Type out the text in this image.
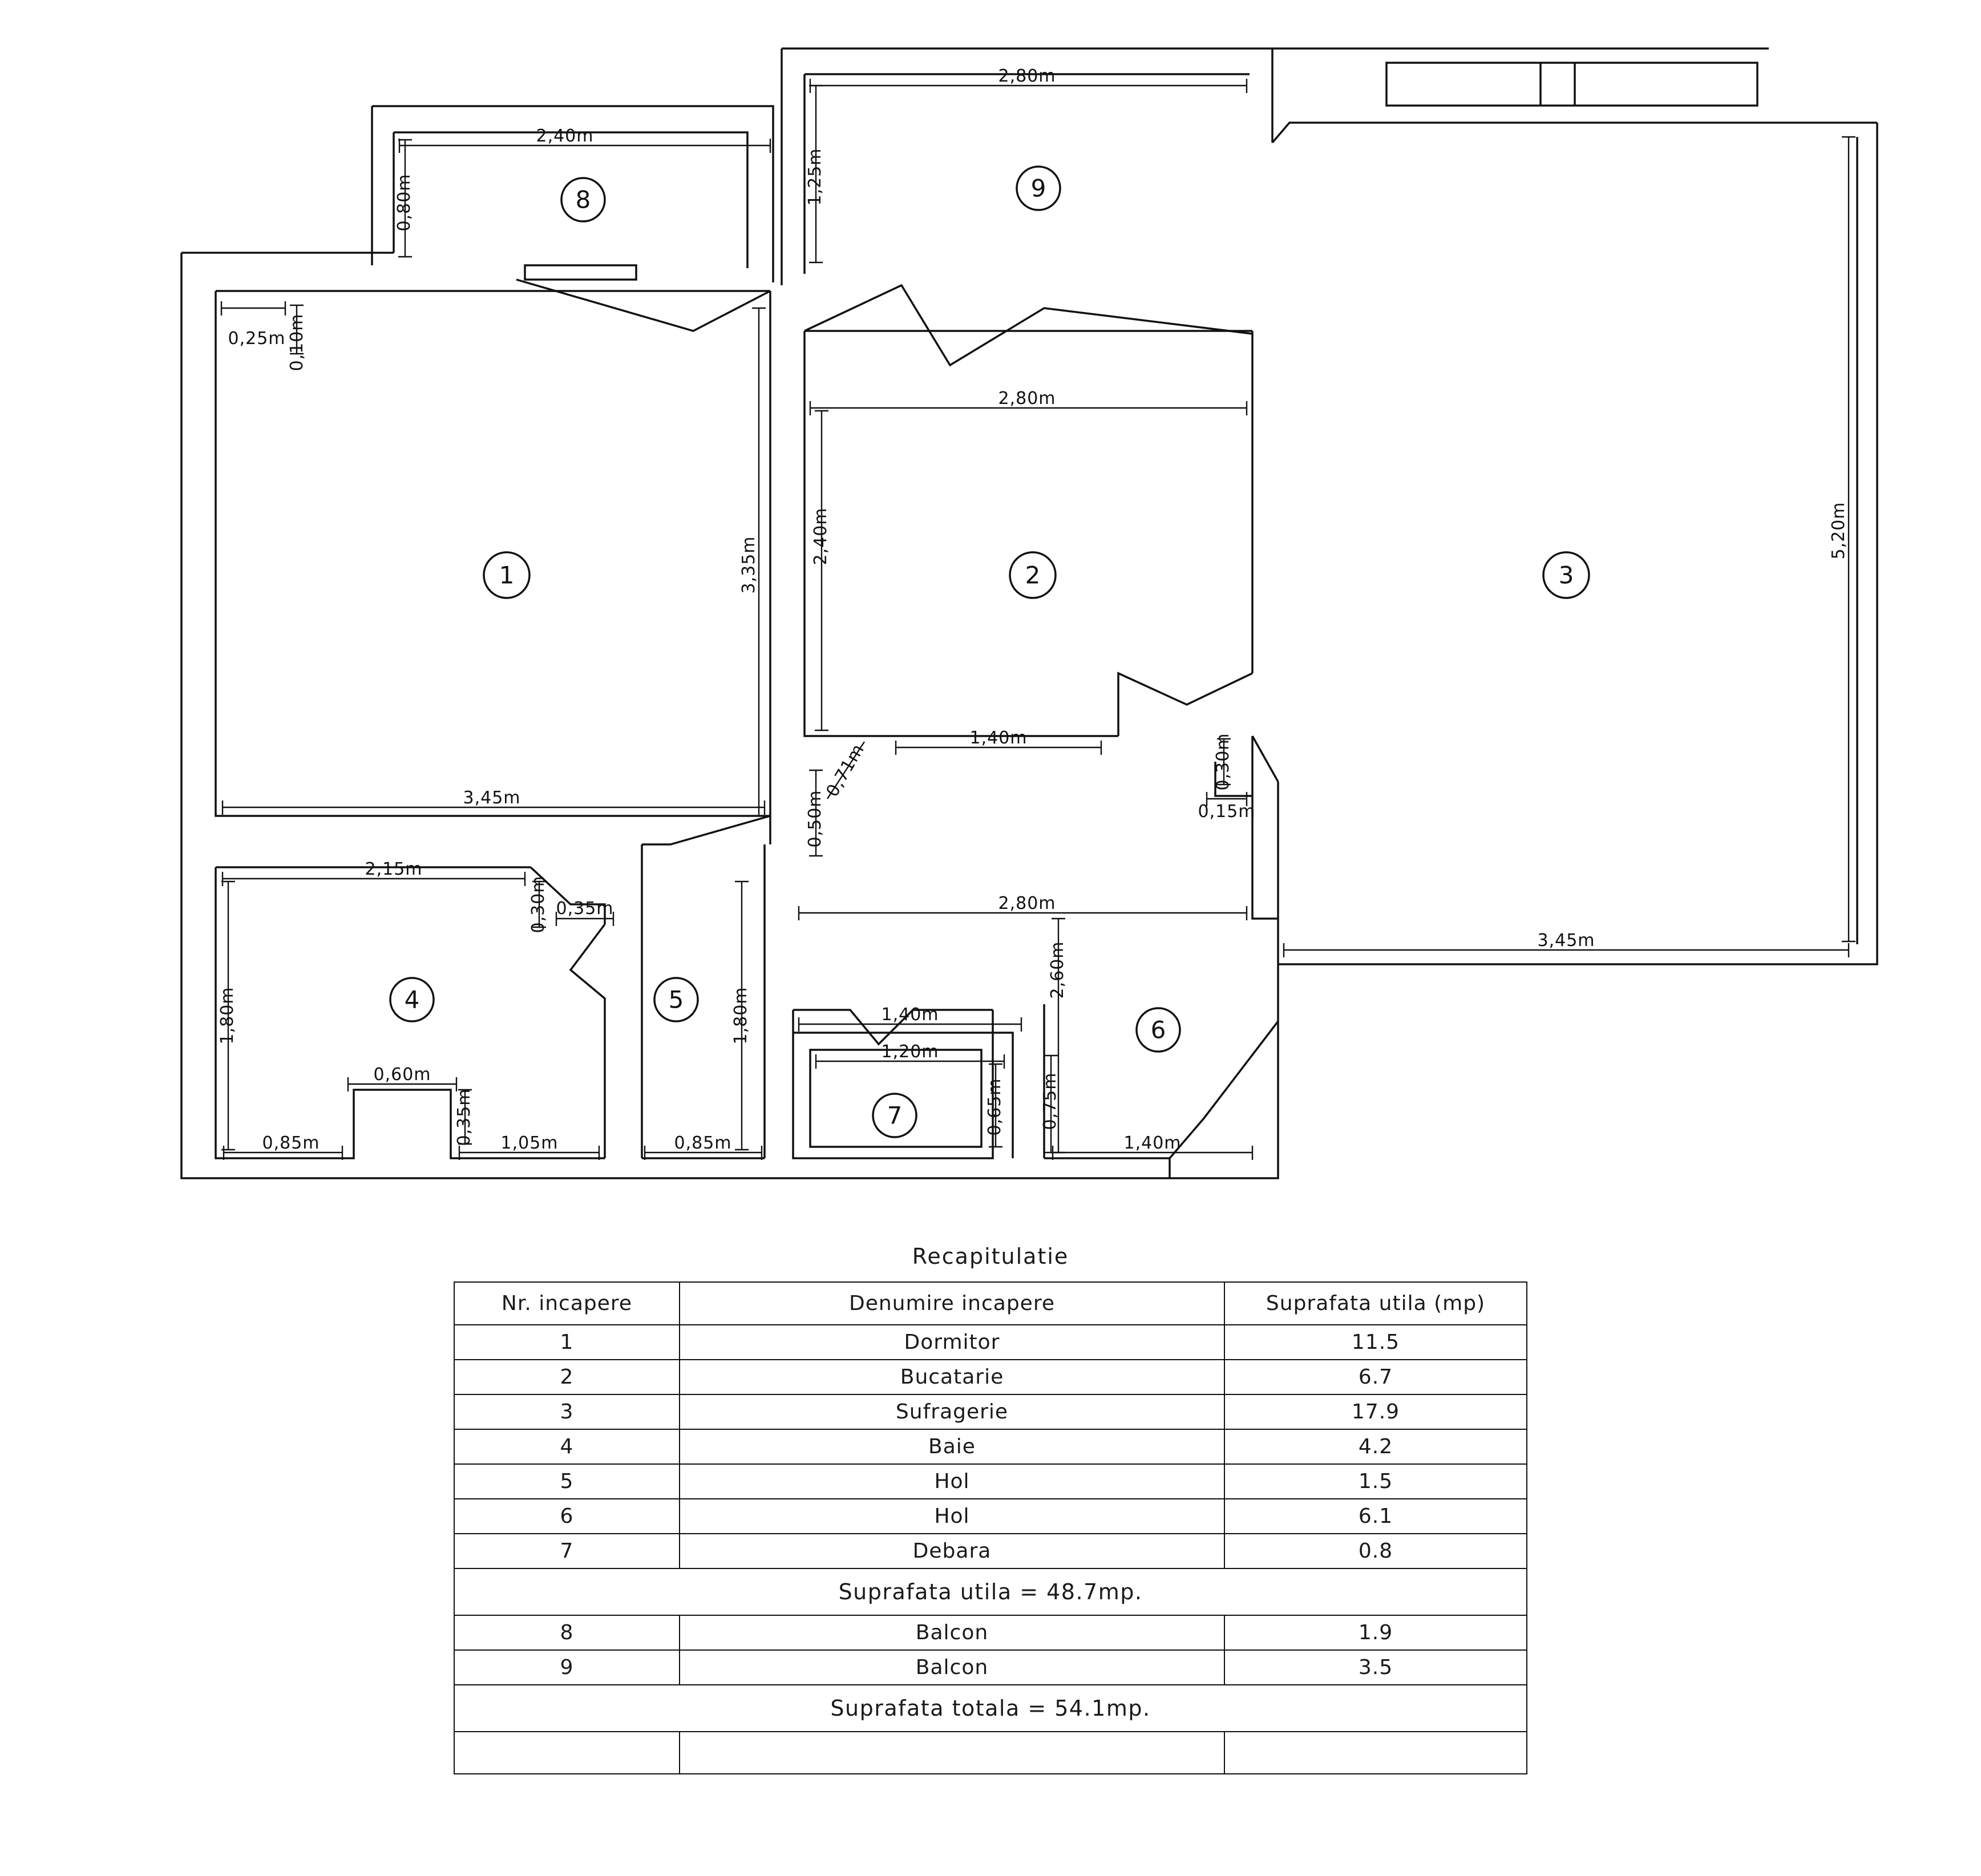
8	9
1	2	3
4	5
6
7
2,40m
0,80m
2,80m
1,25m
0,25m 0,10m
3,35m
2,80m
2,40m	5,20m
3,45m
1,40m
0,71m
0,50m
0,30m
0,15m
2,15m
0,30m 0,35m
1,80m	1,80m
2,80m
2,60m
3,45m
0,60m
0,35m
0,85m	1,05m	0,85m
1,40m
1,20m
0,65m 0,75m
1,40m
Recapitulatie
Nr. incapere	Denumire incapere	Suprafata utila (mp)
1	Dormitor	11.5
2	Bucatarie	6.7
3	Sufragerie	17.9
4	Baie	4.2
5	Hol	1.5
6	Hol	6.1
7	Debara	0.8
Suprafata utila = 48.7mp.		
8	Balcon	1.9
9	Balcon	3.5
Suprafata totala = 54.1mp.		
